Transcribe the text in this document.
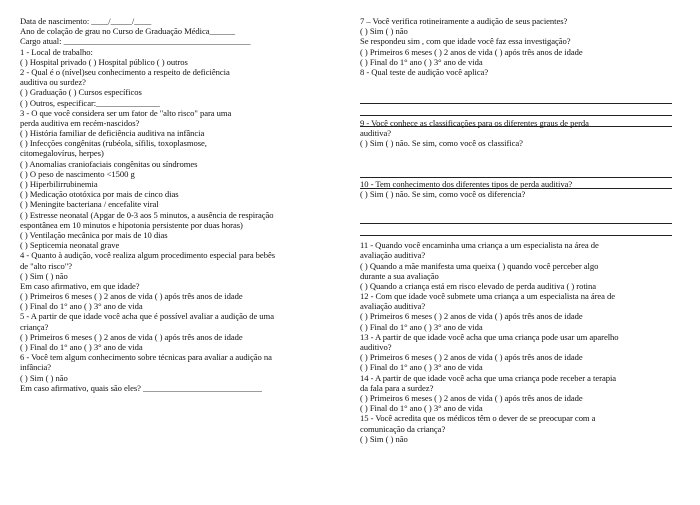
Data de nascimento: ____/_____/____
Ano de colação de grau no Curso de Graduação Médica______
Cargo atual: ____________________________________________
1 - Local de trabalho:
( ) Hospital privado ( ) Hospital público ( ) outros
2 - Qual é o (nível)seu conhecimento a respeito de deficiência
auditiva ou surdez?
( ) Graduação ( ) Cursos específicos
( ) Outros, especificar:_______________
3 - O que você considera ser um fator de "alto risco" para uma
perda auditiva em recém-nascidos?
( ) História familiar de deficiência auditiva na infância
( ) Infecções congênitas (rubéola, sífilis, toxoplasmose,
citomegalovírus, herpes)
( ) Anomalias craniofaciais congênitas ou síndromes
( ) O peso de nascimento <1500 g
( ) Hiperbilirrubinemia
( ) Medicação ototóxica por mais de cinco dias
( ) Meningite bacteriana / encefalite viral
( ) Estresse neonatal (Apgar de 0-3 aos 5 minutos, a ausência de respiração
espontânea em 10 minutos e hipotonia persistente por duas horas)
( ) Ventilação mecânica por mais de 10 dias
( ) Septicemia neonatal grave
4 - Quanto à audição, você realiza algum procedimento especial para bebês
de "alto risco"?
( ) Sim ( ) não
Em caso afirmativo, em que idade?
( ) Primeiros 6 meses ( ) 2 anos de vida ( ) após três anos de idade
( ) Final do 1° ano ( ) 3° ano de vida
5 - A partir de que idade você acha que é possível avaliar a audição de uma
criança?
( ) Primeiros 6 meses ( ) 2 anos de vida ( ) após três anos de idade
( ) Final do 1° ano ( ) 3° ano de vida
6 - Você tem algum conhecimento sobre técnicas para avaliar a audição na
infância?
( ) Sim ( ) não
Em caso afirmativo, quais são eles? ____________________________
7 – Você verifica rotineiramente a audição de seus pacientes?
( ) Sim ( ) não
Se respondeu sim , com que idade você faz essa investigação?
( ) Primeiros 6 meses ( ) 2 anos de vida ( ) após três anos de idade
( ) Final do 1° ano ( ) 3° ano de vida
8 - Qual teste de audição você aplica?
9 - Você conhece as classificações para os diferentes graus de perda
auditiva?
( ) Sim ( ) não. Se sim, como você os classifica?
10 - Tem conhecimento dos diferentes tipos de perda auditiva?
( ) Sim ( ) não. Se sim, como você os diferencia?
11 - Quando você encaminha uma criança a um especialista na área de
avaliação auditiva?
( ) Quando a mãe manifesta uma queixa ( ) quando você perceber algo
durante a sua avaliação
( ) Quando a criança está em risco elevado de perda auditiva ( ) rotina
12 - Com que idade você submete uma criança a um especialista na área de
avaliação auditiva?
( ) Primeiros 6 meses ( ) 2 anos de vida ( ) após três anos de idade
( ) Final do 1° ano ( ) 3° ano de vida
13 - A partir de que idade você acha que uma criança pode usar um aparelho
auditivo?
( ) Primeiros 6 meses ( ) 2 anos de vida ( ) após três anos de idade
( ) Final do 1° ano ( ) 3° ano de vida
14 - A partir de que idade você acha que uma criança pode receber a terapia
da fala para a surdez?
( ) Primeiros 6 meses ( ) 2 anos de vida ( ) após três anos de idade
( ) Final do 1° ano ( ) 3° ano de vida
15 - Você acredita que os médicos têm o dever de se preocupar com a
comunicação da criança?
( ) Sim ( ) não
